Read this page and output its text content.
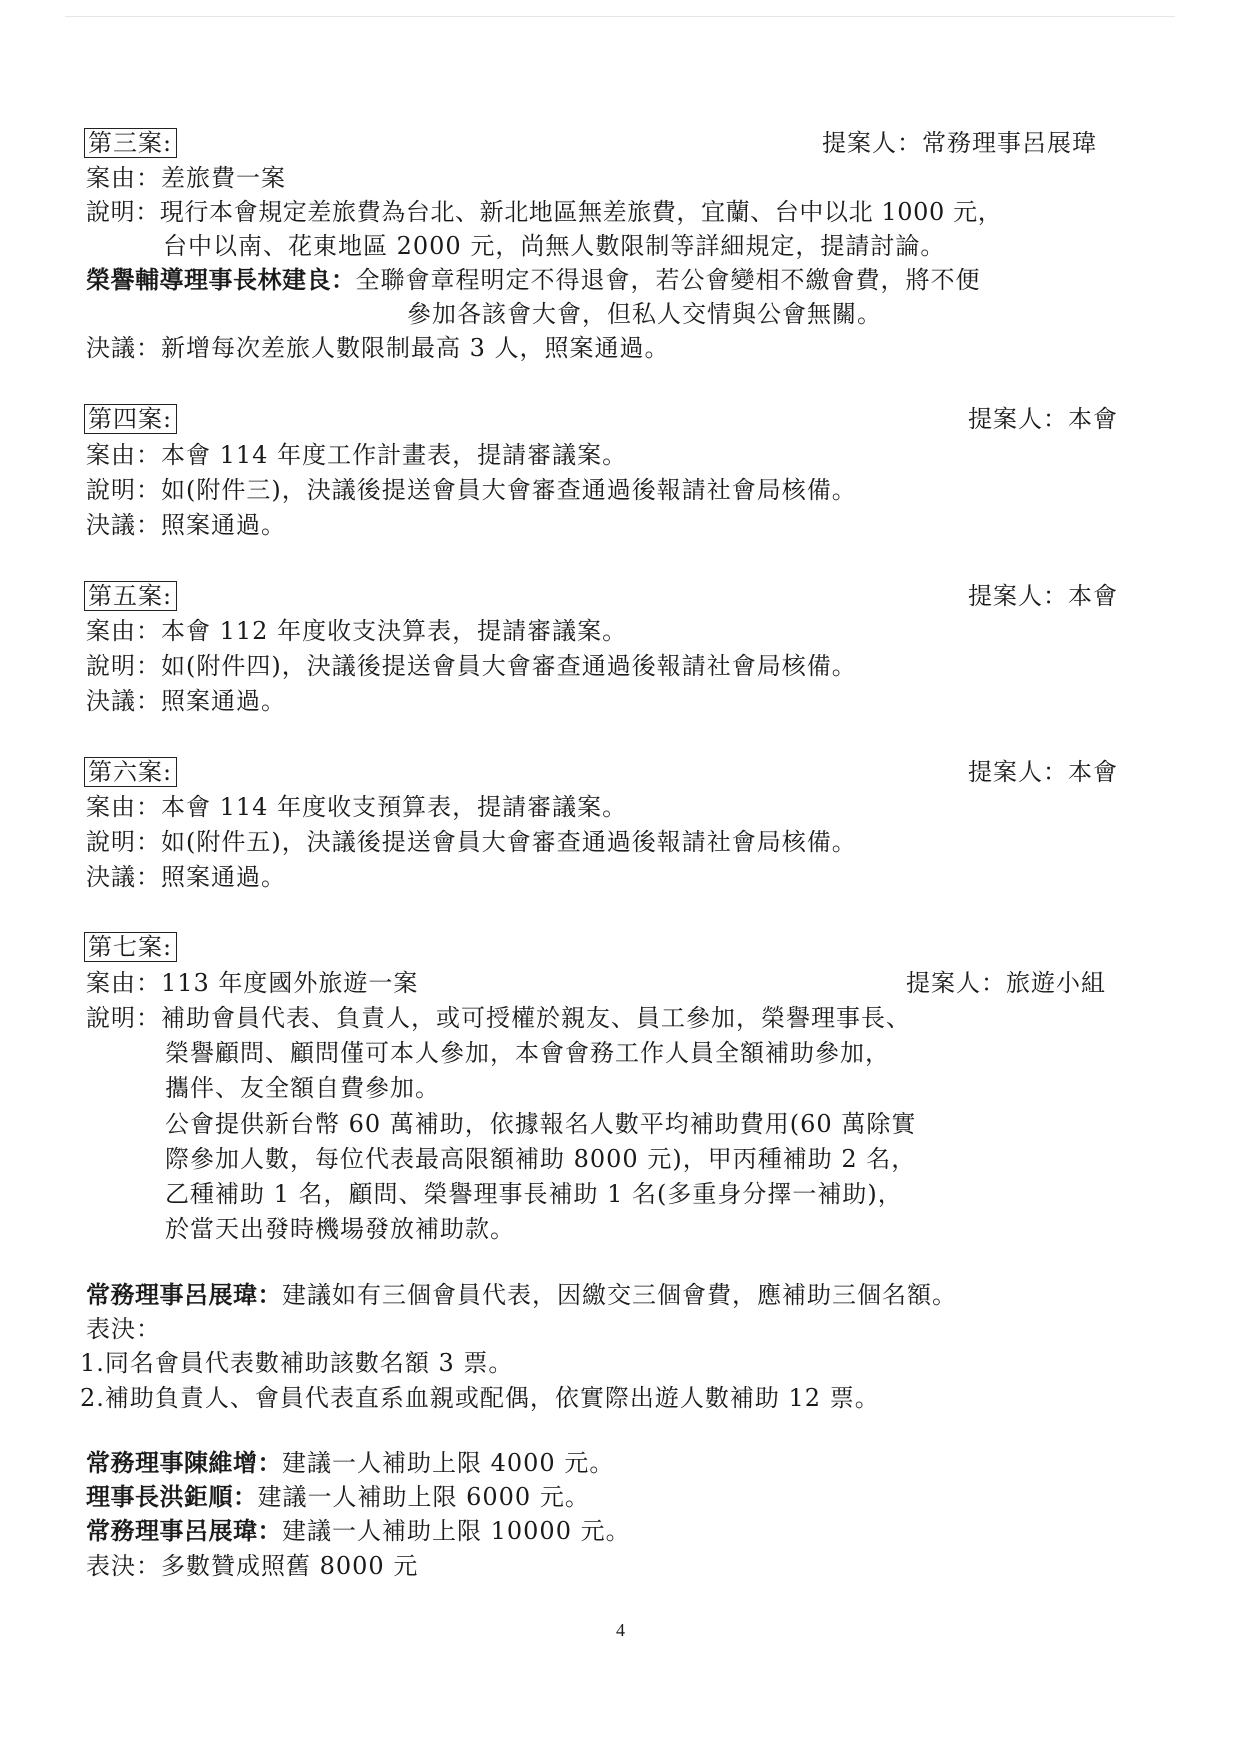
第三案:	提案人：常務理事呂展瑋
案由：差旅費一案
說明：現行本會規定差旅費為台北、新北地區無差旅費，宜蘭、台中以北 1000 元，
台中以南、花東地區 2000 元，尚無人數限制等詳細規定，提請討論。
榮譽輔導理事長林建良：全聯會章程明定不得退會，若公會變相不繳會費，將不便
參加各該會大會，但私人交情與公會無關。
決議：新增每次差旅人數限制最高 3 人，照案通過。
第四案:	提案人：本會
案由：本會 114 年度工作計畫表，提請審議案。
說明：如(附件三)，決議後提送會員大會審查通過後報請社會局核備。
決議：照案通過。
第五案:	提案人：本會
案由：本會 112 年度收支決算表，提請審議案。
說明：如(附件四)，決議後提送會員大會審查通過後報請社會局核備。
決議：照案通過。
第六案:	提案人：本會
案由：本會 114 年度收支預算表，提請審議案。
說明：如(附件五)，決議後提送會員大會審查通過後報請社會局核備。
決議：照案通過。
第七案:
案由：113 年度國外旅遊一案	提案人：旅遊小組
說明：補助會員代表、負責人，或可授權於親友、員工參加，榮譽理事長、
榮譽顧問、顧問僅可本人參加，本會會務工作人員全額補助參加，
攜伴、友全額自費參加。
公會提供新台幣 60 萬補助，依據報名人數平均補助費用(60 萬除實
際參加人數，每位代表最高限額補助 8000 元)，甲丙種補助 2 名，
乙種補助 1 名，顧問、榮譽理事長補助 1 名(多重身分擇一補助)，
於當天出發時機場發放補助款。
常務理事呂展瑋：建議如有三個會員代表，因繳交三個會費，應補助三個名額。
表決：
1.同名會員代表數補助該數名額 3 票。
2.補助負責人、會員代表直系血親或配偶，依實際出遊人數補助 12 票。
常務理事陳維增：建議一人補助上限 4000 元。
理事長洪鉅順：建議一人補助上限 6000 元。
常務理事呂展瑋：建議一人補助上限 10000 元。
表決：多數贊成照舊 8000 元
4
